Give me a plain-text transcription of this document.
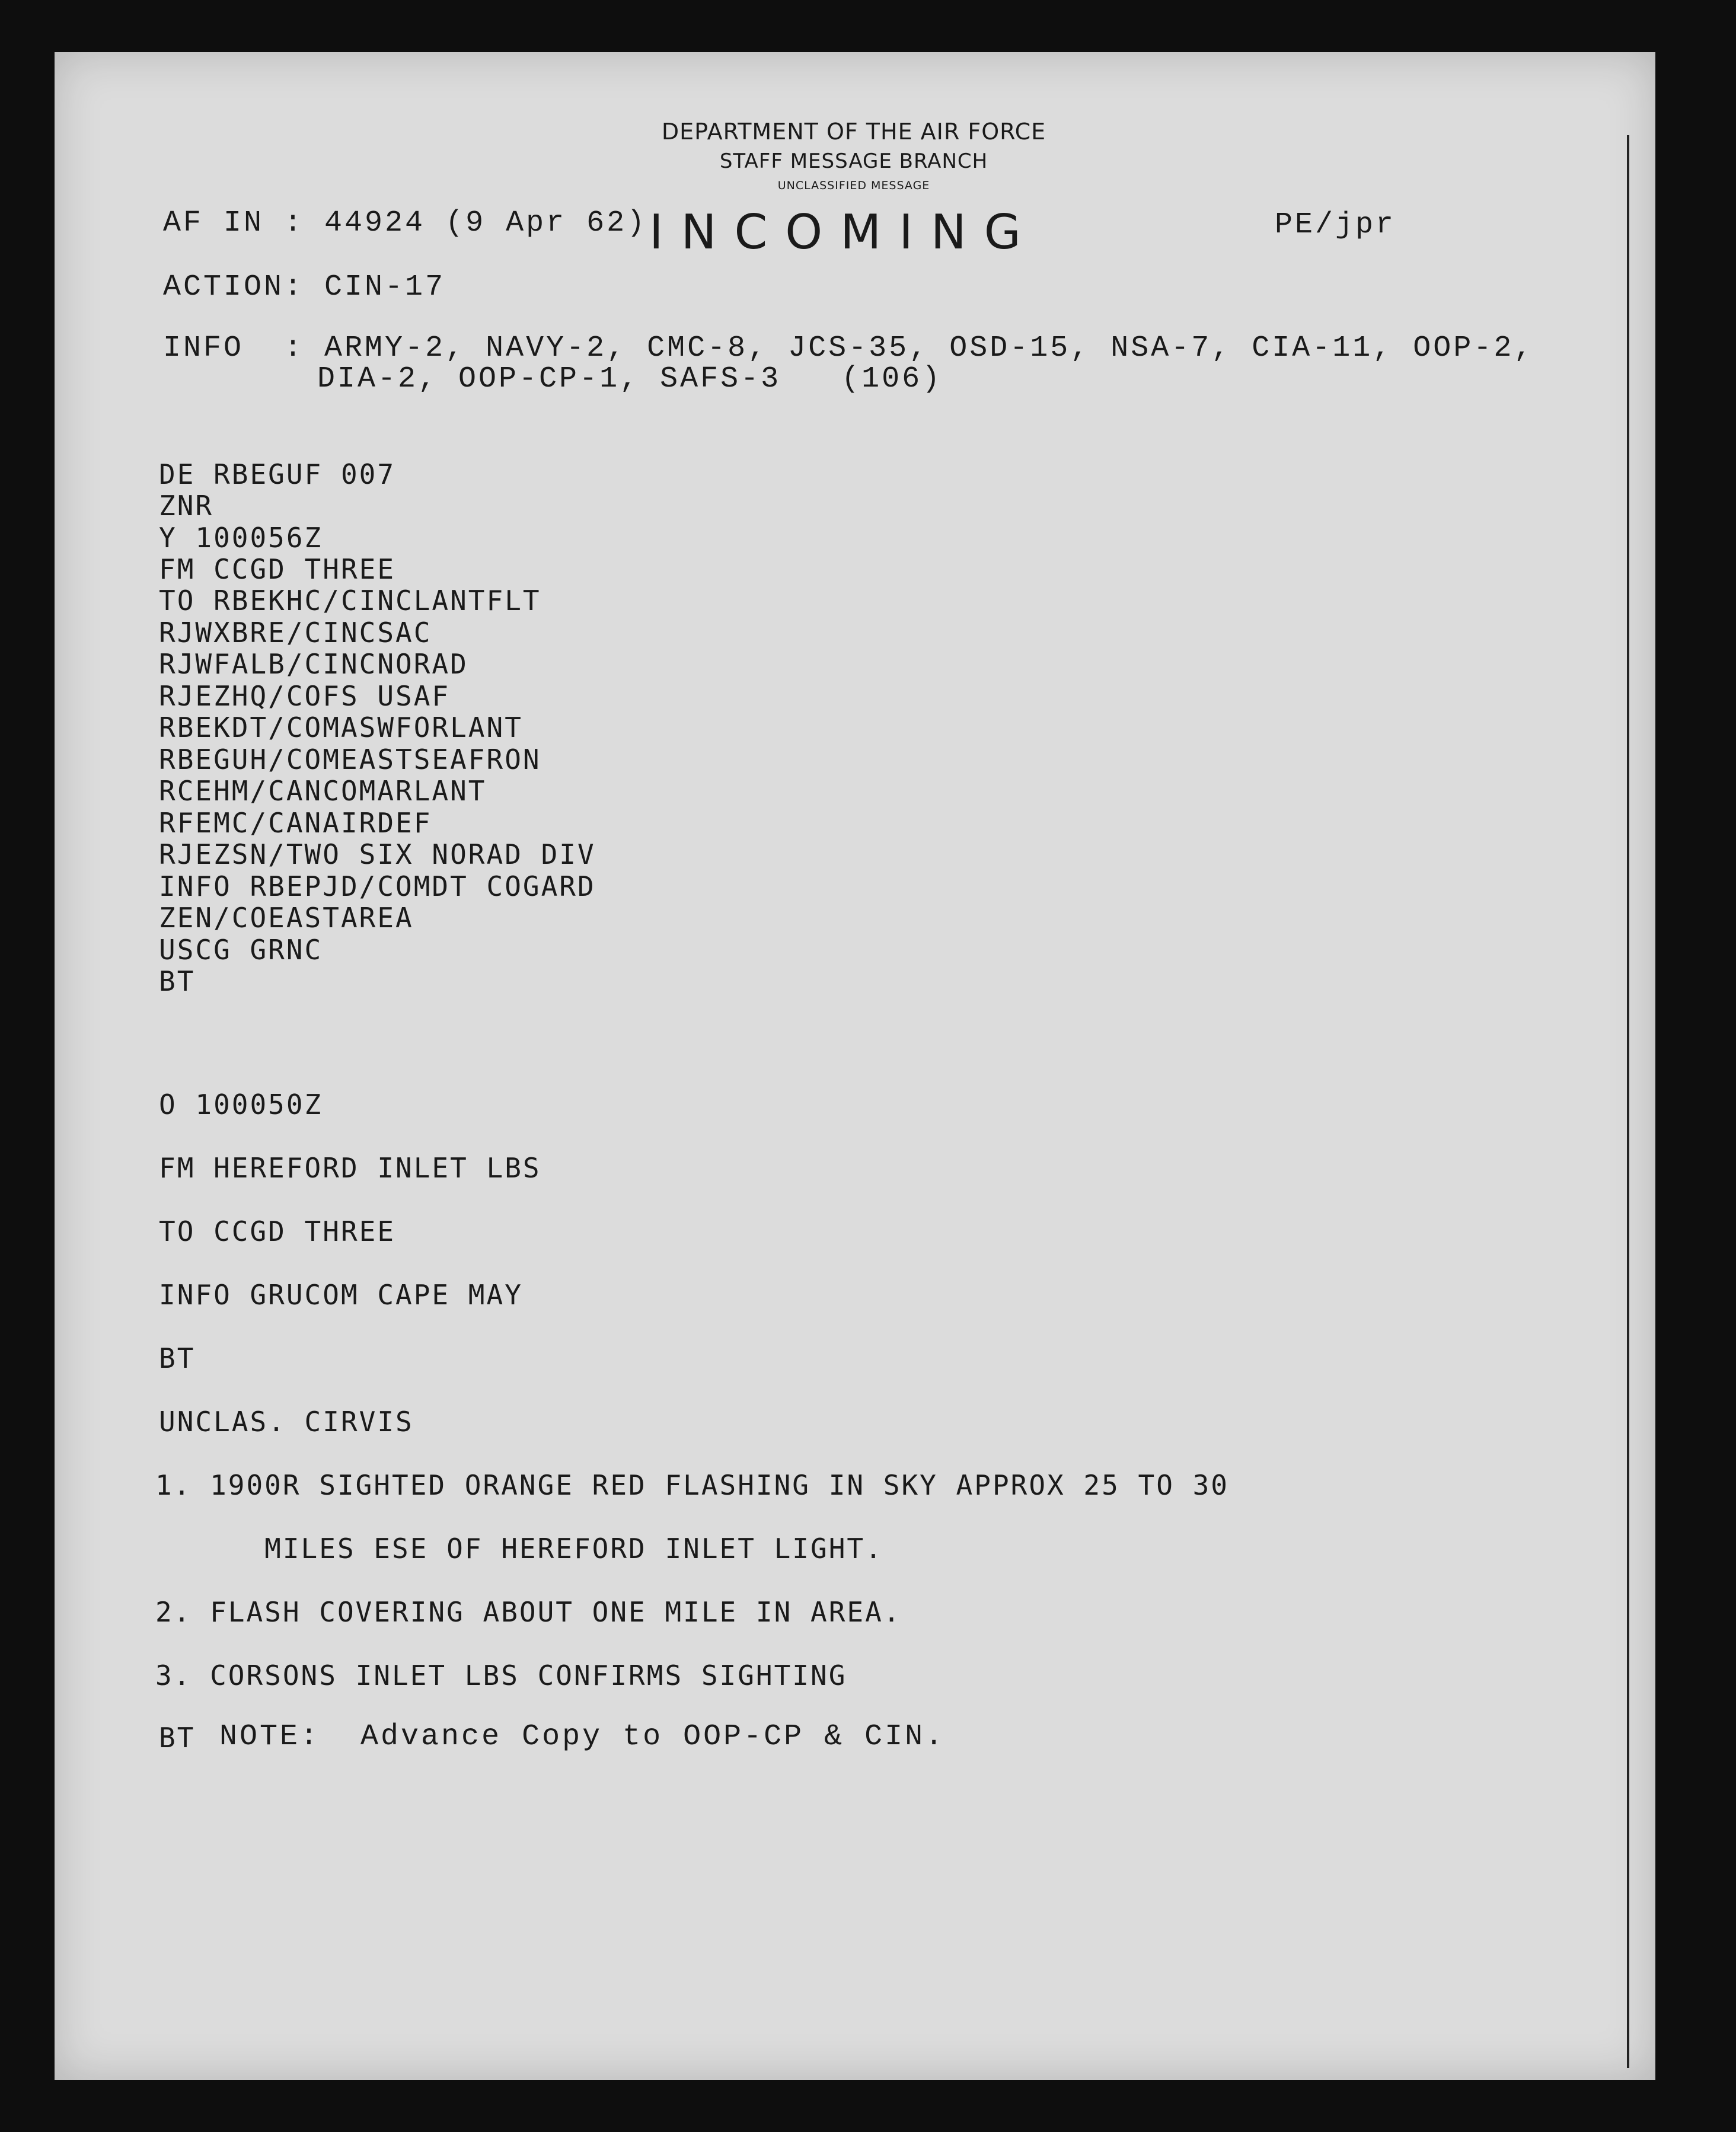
DEPARTMENT OF THE AIR FORCE
STAFF MESSAGE BRANCH
UNCLASSIFIED MESSAGE
AF IN : 44924 (9 Apr 62) INCOMING	PE/jpr
ACTION: CIN-17
INFO  : ARMY-2, NAVY-2, CMC-8, JCS-35, OSD-15, NSA-7, CIA-11, OOP-2,
DIA-2, OOP-CP-1, SAFS-3   (106)
DE RBEGUF 007
ZNR
Y 100056Z
FM CCGD THREE
TO RBEKHC/CINCLANTFLT
RJWXBRE/CINCSAC
RJWFALB/CINCNORAD
RJEZHQ/COFS USAF
RBEKDT/COMASWFORLANT
RBEGUH/COMEASTSEAFRON
RCEHM/CANCOMARLANT
RFEMC/CANAIRDEF
RJEZSN/TWO SIX NORAD DIV
INFO RBEPJD/COMDT COGARD
ZEN/COEASTAREA
USCG GRNC
BT
O 100050Z
FM HEREFORD INLET LBS
TO CCGD THREE
INFO GRUCOM CAPE MAY
BT
UNCLAS. CIRVIS
1. 1900R SIGHTED ORANGE RED FLASHING IN SKY APPROX 25 TO 30
MILES ESE OF HEREFORD INLET LIGHT.
2. FLASH COVERING ABOUT ONE MILE IN AREA.
3. CORSONS INLET LBS CONFIRMS SIGHTING
BT NOTE:  Advance Copy to OOP-CP & CIN.
